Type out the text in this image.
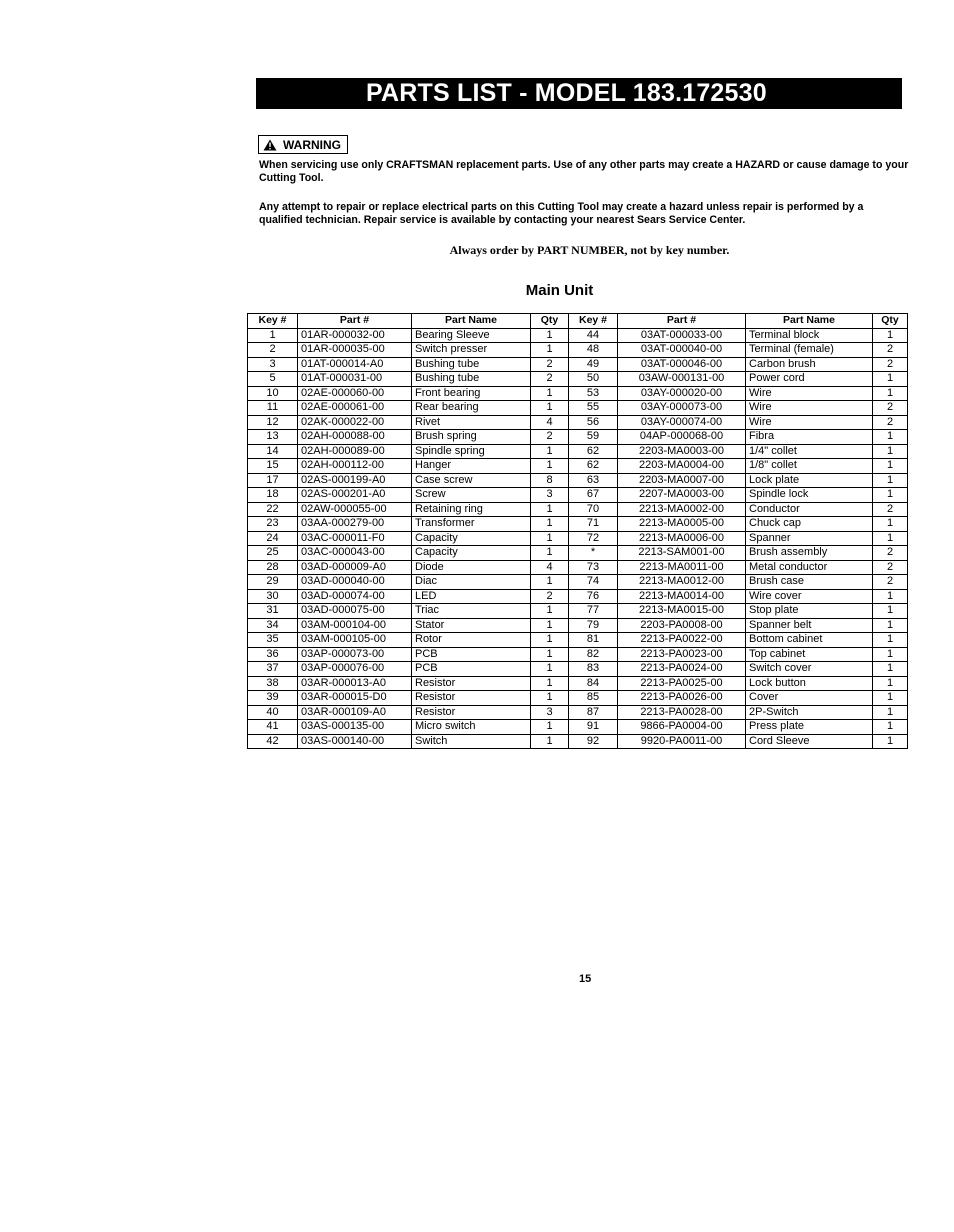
PARTS LIST - MODEL 183.172530
WARNING

When servicing use only CRAFTSMAN replacement parts. Use of any other parts may create a HAZARD or cause damage to your Cutting Tool.

Any attempt to repair or replace electrical parts on this Cutting Tool may create a hazard unless repair is performed by a qualified technician. Repair service is available by contacting your nearest Sears Service Center.

Always order by PART NUMBER, not by key number.
Main Unit
Key #	Part #	Part Name	Qty	Key #	Part #	Part Name	Qty
1	01AR-000032-00	Bearing Sleeve	1	44	03AT-000033-00	Terminal block	1
2	01AR-000035-00	Switch presser	1	48	03AT-000040-00	Terminal (female)	2
3	01AT-000014-A0	Bushing tube	2	49	03AT-000046-00	Carbon brush	2
5	01AT-000031-00	Bushing tube	2	50	03AW-000131-00	Power cord	1
10	02AE-000060-00	Front bearing	1	53	03AY-000020-00	Wire	1
11	02AE-000061-00	Rear bearing	1	55	03AY-000073-00	Wire	2
12	02AK-000022-00	Rivet	4	56	03AY-000074-00	Wire	2
13	02AH-000088-00	Brush spring	2	59	04AP-000068-00	Fibra	1
14	02AH-000089-00	Spindle spring	1	62	2203-MA0003-00	1/4" collet	1
15	02AH-000112-00	Hanger	1	62	2203-MA0004-00	1/8" collet	1
17	02AS-000199-A0	Case screw	8	63	2203-MA0007-00	Lock plate	1
18	02AS-000201-A0	Screw	3	67	2207-MA0003-00	Spindle lock	1
22	02AW-000055-00	Retaining ring	1	70	2213-MA0002-00	Conductor	2
23	03AA-000279-00	Transformer	1	71	2213-MA0005-00	Chuck cap	1
24	03AC-000011-F0	Capacity	1	72	2213-MA0006-00	Spanner	1
25	03AC-000043-00	Capacity	1	*	2213-SAM001-00	Brush assembly	2
28	03AD-000009-A0	Diode	4	73	2213-MA0011-00	Metal conductor	2
29	03AD-000040-00	Diac	1	74	2213-MA0012-00	Brush case	2
30	03AD-000074-00	LED	2	76	2213-MA0014-00	Wire cover	1
31	03AD-000075-00	Triac	1	77	2213-MA0015-00	Stop plate	1
34	03AM-000104-00	Stator	1	79	2203-PA0008-00	Spanner belt	1
35	03AM-000105-00	Rotor	1	81	2213-PA0022-00	Bottom cabinet	1
36	03AP-000073-00	PCB	1	82	2213-PA0023-00	Top cabinet	1
37	03AP-000076-00	PCB	1	83	2213-PA0024-00	Switch cover	1
38	03AR-000013-A0	Resistor	1	84	2213-PA0025-00	Lock button	1
39	03AR-000015-D0	Resistor	1	85	2213-PA0026-00	Cover	1
40	03AR-000109-A0	Resistor	3	87	2213-PA0028-00	2P-Switch	1
41	03AS-000135-00	Micro switch	1	91	9866-PA0004-00	Press plate	1
42	03AS-000140-00	Switch	1	92	9920-PA0011-00	Cord Sleeve	1
15
